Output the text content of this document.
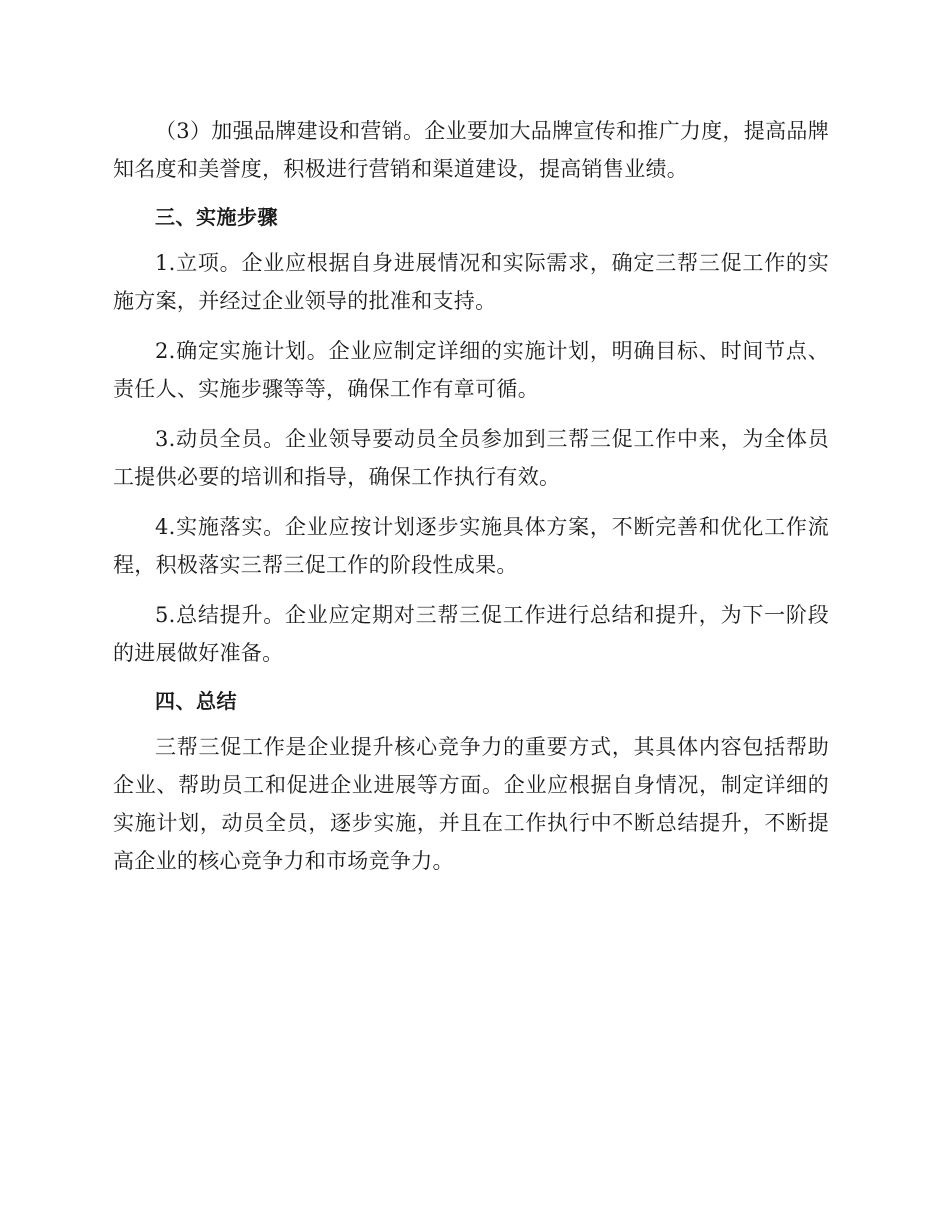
（3）加强品牌建设和营销。企业要加大品牌宣传和推广力度，提高品牌知名度和美誉度，积极进行营销和渠道建设，提高销售业绩。

三、实施步骤

1.立项。企业应根据自身进展情况和实际需求，确定三帮三促工作的实施方案，并经过企业领导的批准和支持。

2.确定实施计划。企业应制定详细的实施计划，明确目标、时间节点、责任人、实施步骤等等，确保工作有章可循。

3.动员全员。企业领导要动员全员参加到三帮三促工作中来，为全体员工提供必要的培训和指导，确保工作执行有效。

4.实施落实。企业应按计划逐步实施具体方案，不断完善和优化工作流程，积极落实三帮三促工作的阶段性成果。

5.总结提升。企业应定期对三帮三促工作进行总结和提升，为下一阶段的进展做好准备。

四、总结

三帮三促工作是企业提升核心竞争力的重要方式，其具体内容包括帮助企业、帮助员工和促进企业进展等方面。企业应根据自身情况，制定详细的实施计划，动员全员，逐步实施，并且在工作执行中不断总结提升，不断提高企业的核心竞争力和市场竞争力。
